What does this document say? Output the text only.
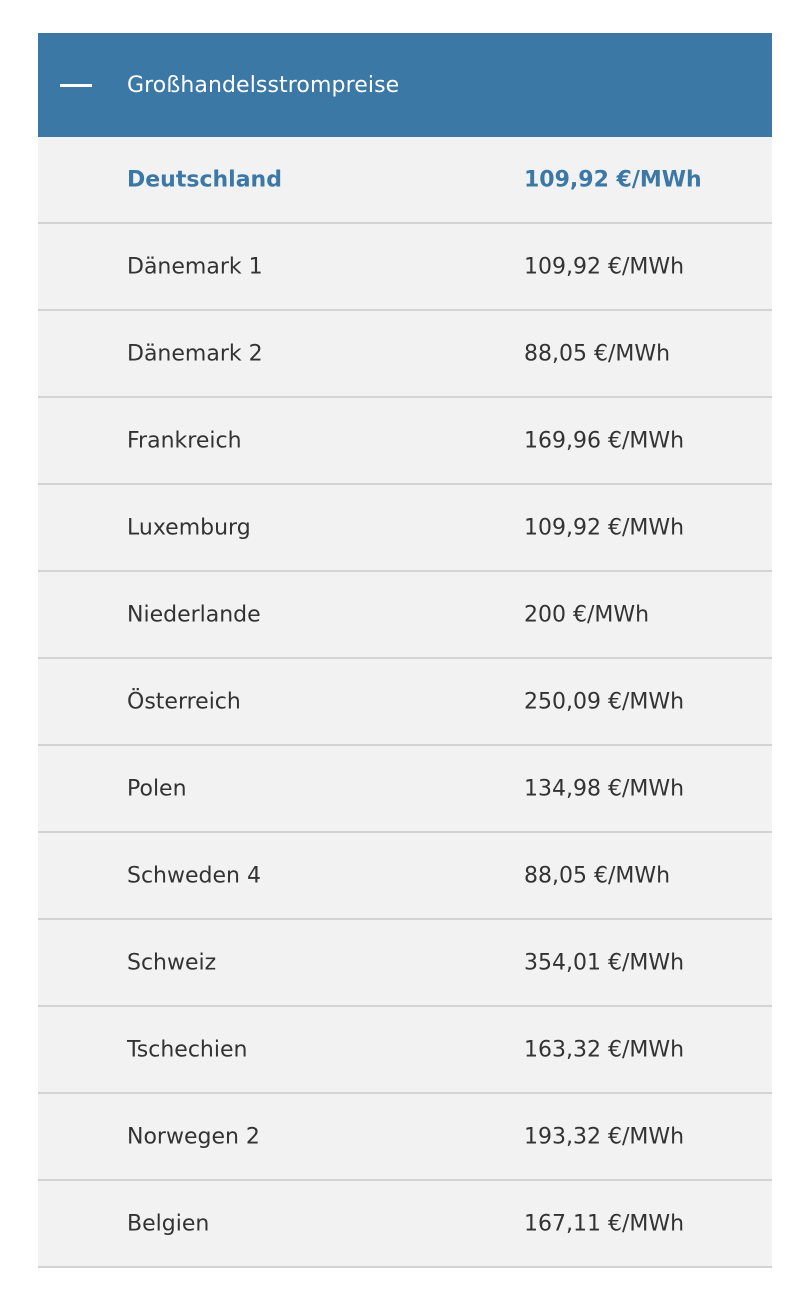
Großhandelsstrompreise
Deutschland	109,92 €/MWh
Dänemark 1	109,92 €/MWh
Dänemark 2	88,05 €/MWh
Frankreich	169,96 €/MWh
Luxemburg	109,92 €/MWh
Niederlande	200 €/MWh
Österreich	250,09 €/MWh
Polen	134,98 €/MWh
Schweden 4	88,05 €/MWh
Schweiz	354,01 €/MWh
Tschechien	163,32 €/MWh
Norwegen 2	193,32 €/MWh
Belgien	167,11 €/MWh
